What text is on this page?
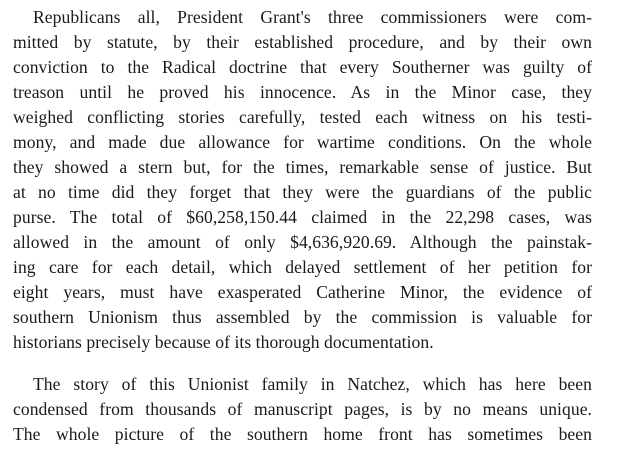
Republicans all, President Grant's three commissioners were com-
mitted by statute, by their established procedure, and by their own
conviction to the Radical doctrine that every Southerner was guilty of
treason until he proved his innocence. As in the Minor case, they
weighed conflicting stories carefully, tested each witness on his testi-
mony, and made due allowance for wartime conditions. On the whole
they showed a stern but, for the times, remarkable sense of justice. But
at no time did they forget that they were the guardians of the public
purse. The total of $60,258,150.44 claimed in the 22,298 cases, was
allowed in the amount of only $4,636,920.69. Although the painstak-
ing care for each detail, which delayed settlement of her petition for
eight years, must have exasperated Catherine Minor, the evidence of
southern Unionism thus assembled by the commission is valuable for
historians precisely because of its thorough documentation.
The story of this Unionist family in Natchez, which has here been
condensed from thousands of manuscript pages, is by no means unique.
The whole picture of the southern home front has sometimes been
